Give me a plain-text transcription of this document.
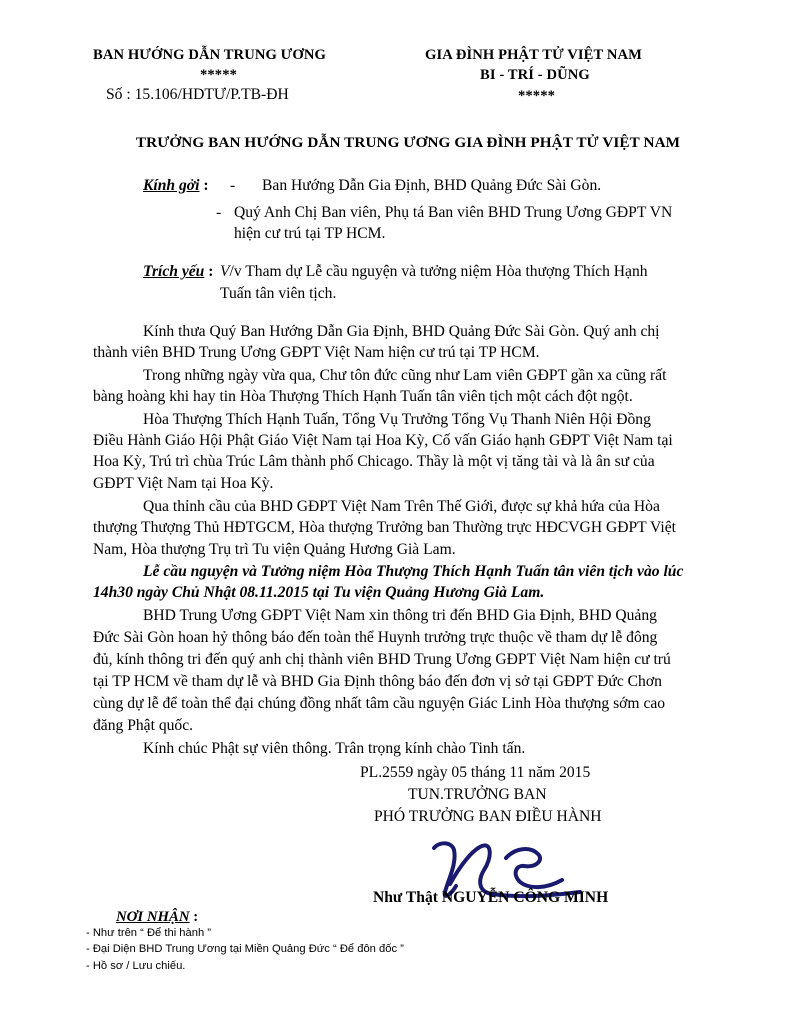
BAN HƯỚNG DẪN TRUNG ƯƠNG
*****
Số : 15.106/HDTƯ/P.TB-ĐH
GIA ĐÌNH PHẬT TỬ VIỆT NAM
BI - TRÍ - DŨNG
*****
TRƯỞNG BAN HƯỚNG DẪN TRUNG ƯƠNG GIA ĐÌNH PHẬT TỬ VIỆT NAM
Kính gởi : - Ban Hướng Dẫn Gia Định, BHD Quảng Đức Sài Gòn.
- Quý Anh Chị Ban viên, Phụ tá Ban viên BHD Trung Ương GĐPT VN
hiện cư trú tại TP HCM.
Trích yếu : V/v Tham dự Lễ cầu nguyện và tưởng niệm Hòa thượng Thích Hạnh
Tuấn tân viên tịch.
Kính thưa Quý Ban Hướng Dẫn Gia Định, BHD Quảng Đức Sài Gòn. Quý anh chị
thành viên BHD Trung Ương GĐPT Việt Nam hiện cư trú tại TP HCM.
Trong những ngày vừa qua, Chư tôn đức cũng như Lam viên GĐPT gần xa cũng rất
bàng hoàng khi hay tin Hòa Thượng Thích Hạnh Tuấn tân viên tịch một cách đột ngột.
Hòa Thượng Thích Hạnh Tuấn, Tổng Vụ Trưởng Tổng Vụ Thanh Niên Hội Đồng
Điều Hành Giáo Hội Phật Giáo Việt Nam tại Hoa Kỳ, Cố vấn Giáo hạnh GĐPT Việt Nam tại
Hoa Kỳ, Trú trì chùa Trúc Lâm thành phố Chicago. Thầy là một vị tăng tài và là ân sư của
GĐPT Việt Nam tại Hoa Kỳ.
Qua thỉnh cầu của BHD GĐPT Việt Nam Trên Thế Giới, được sự khả hứa của Hòa
thượng Thượng Thủ HĐTGCM, Hòa thượng Trưởng ban Thường trực HĐCVGH GĐPT Việt
Nam, Hòa thượng Trụ trì Tu viện Quảng Hương Già Lam.
Lễ cầu nguyện và Tưởng niệm Hòa Thượng Thích Hạnh Tuấn tân viên tịch vào lúc
14h30 ngày Chủ Nhật 08.11.2015 tại Tu viện Quảng Hương Già Lam.
BHD Trung Ương GĐPT Việt Nam xin thông tri đến BHD Gia Định, BHD Quảng
Đức Sài Gòn hoan hỷ thông báo đến toàn thể Huynh trưởng trực thuộc về tham dự lễ đông
đủ, kính thông tri đến quý anh chị thành viên BHD Trung Ương GĐPT Việt Nam hiện cư trú
tại TP HCM về tham dự lễ và BHD Gia Định thông báo đến đơn vị sở tại GĐPT Đức Chơn
cùng dự lễ để toàn thể đại chúng đồng nhất tâm cầu nguyện Giác Linh Hòa thượng sớm cao
đăng Phật quốc.
Kính chúc Phật sự viên thông. Trân trọng kính chào Tinh tấn.
PL.2559 ngày 05 tháng 11 năm 2015
TUN.TRƯỞNG BAN
PHÓ TRƯỞNG BAN ĐIỀU HÀNH
Như Thật NGUYỄN CÔNG MINH
NƠI NHẬN :
- Như trên “ Để thi hành ”
- Đại Diện BHD Trung Ương tại Miền Quảng Đức “ Để đôn đốc ”
- Hồ sơ / Lưu chiếu.
